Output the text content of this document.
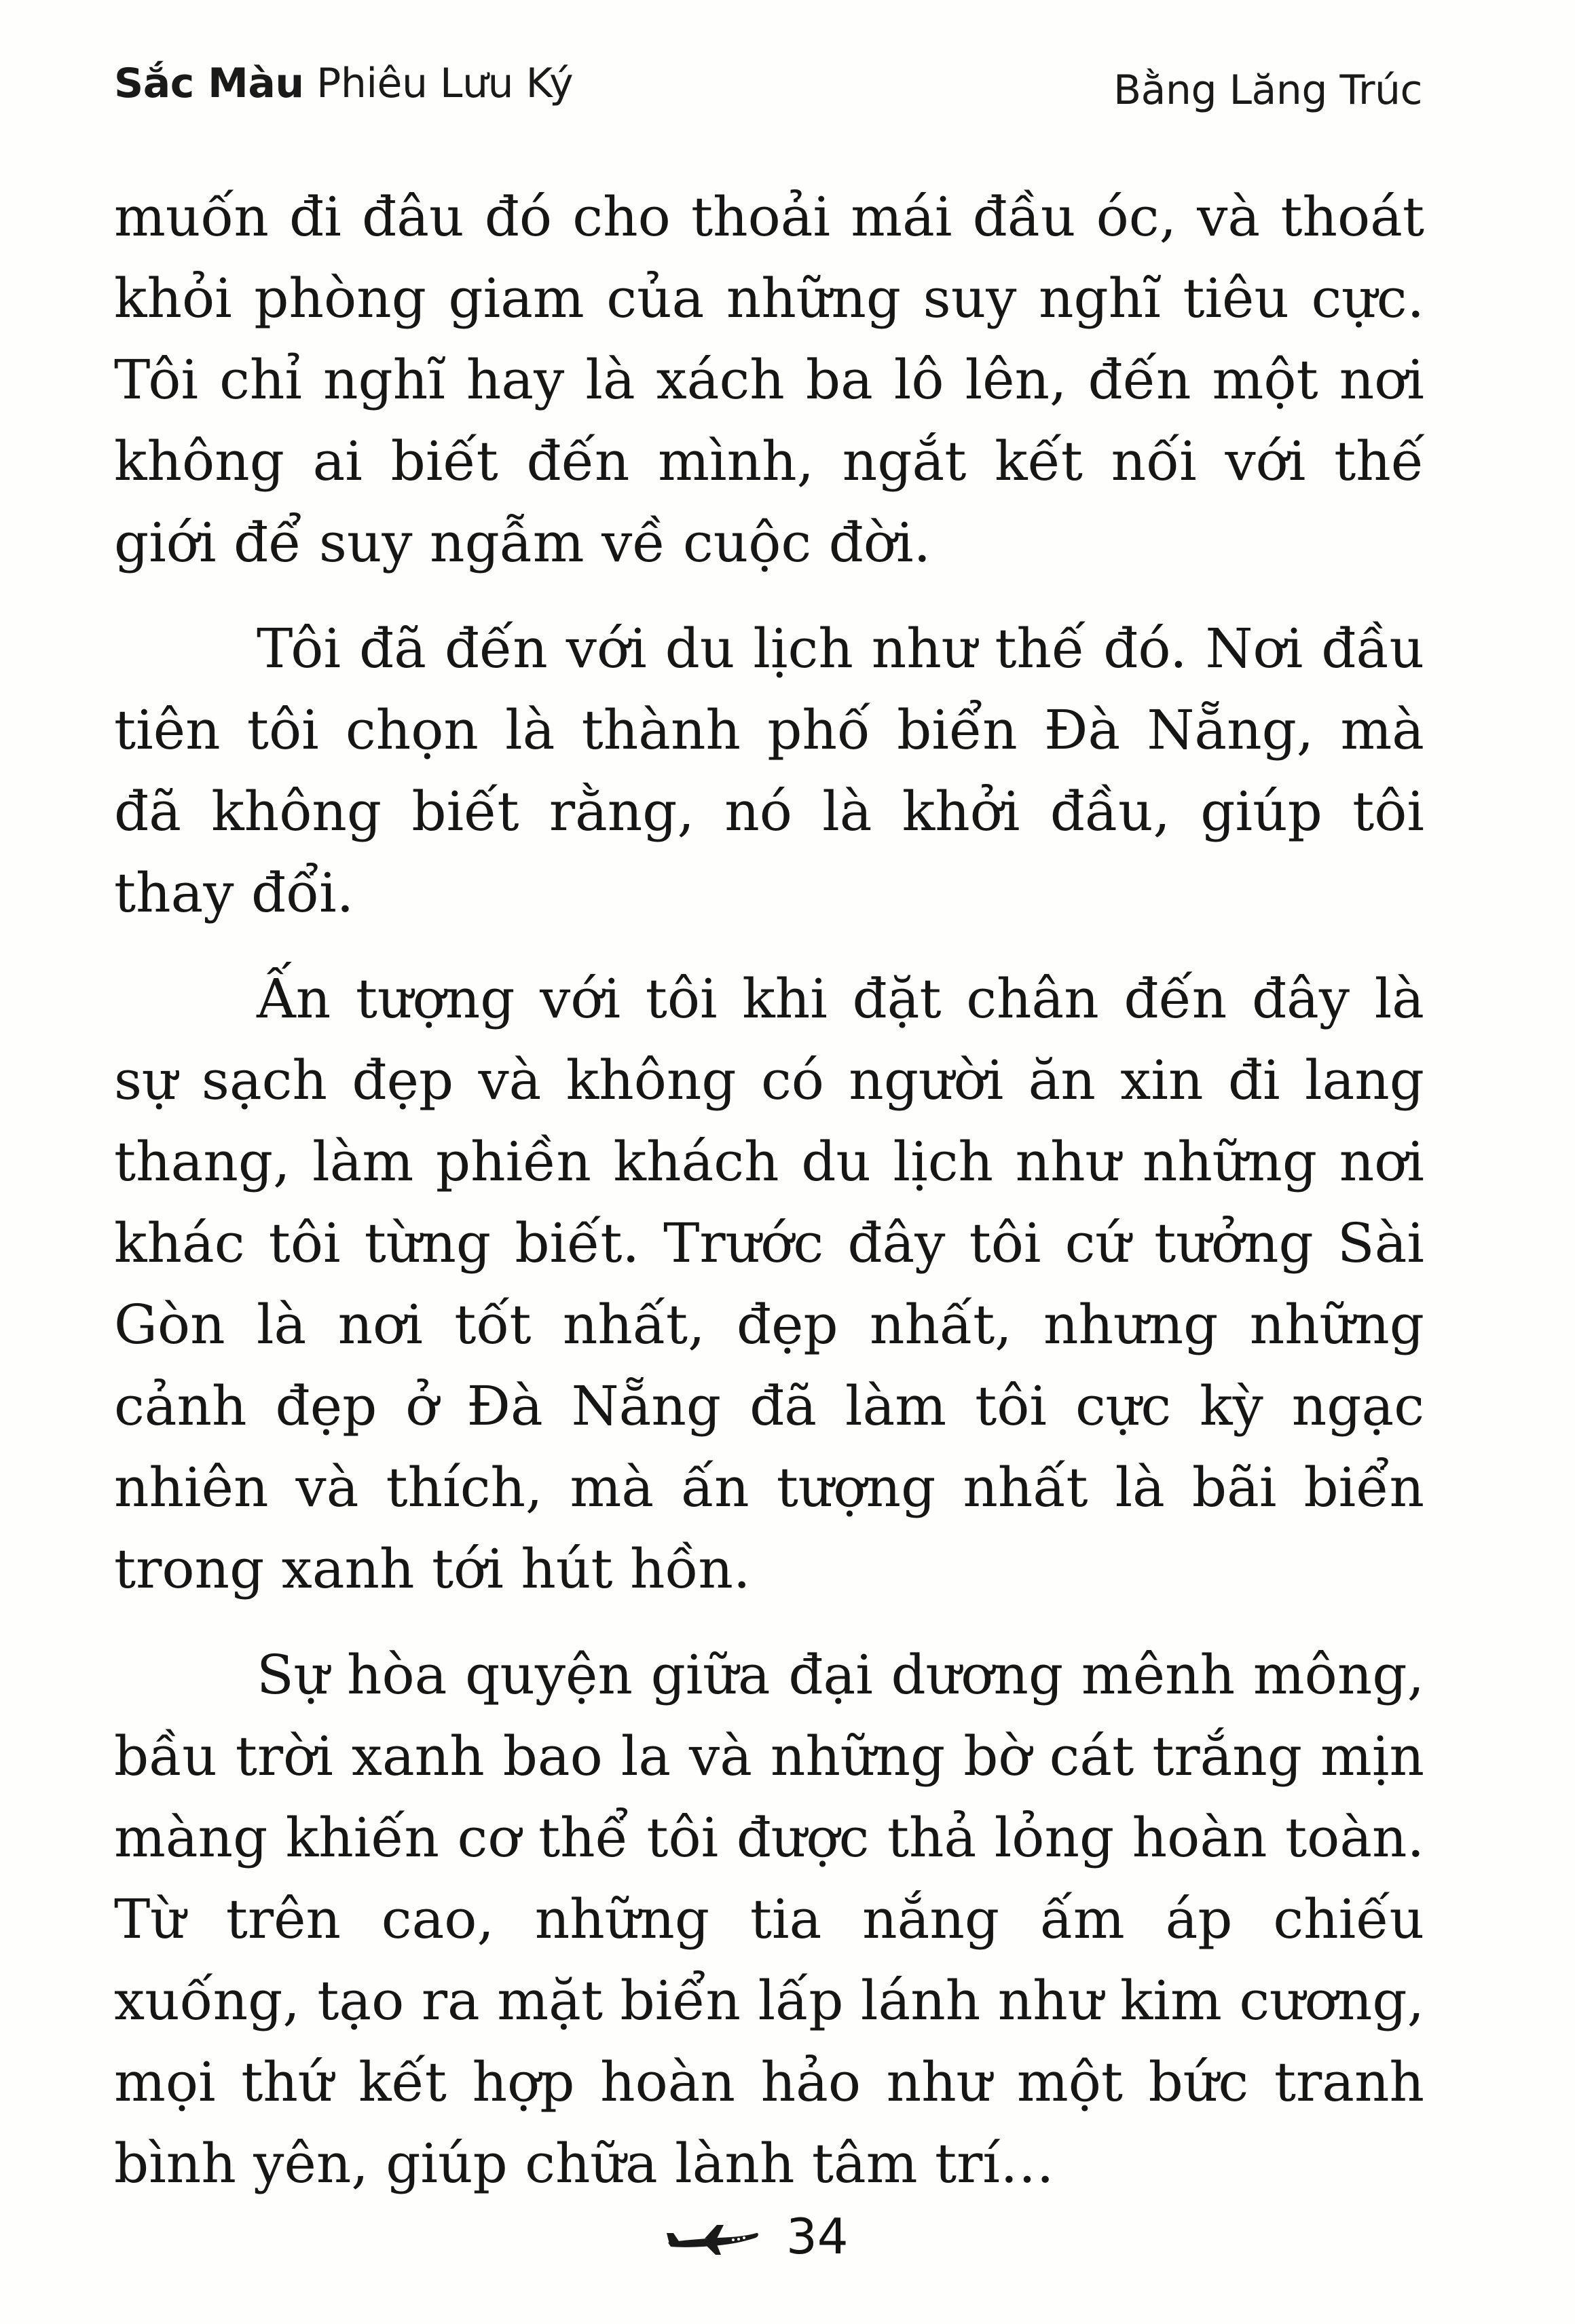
Sắc Màu Phiêu Lưu Ký	Bằng Lăng Trúc

muốn đi đâu đó cho thoải mái đầu óc, và thoát khỏi phòng giam của những suy nghĩ tiêu cực. Tôi chỉ nghĩ hay là xách ba lô lên, đến một nơi không ai biết đến mình, ngắt kết nối với thế giới để suy ngẫm về cuộc đời.

Tôi đã đến với du lịch như thế đó. Nơi đầu tiên tôi chọn là thành phố biển Đà Nẵng, mà đã không biết rằng, nó là khởi đầu, giúp tôi thay đổi.

Ấn tượng với tôi khi đặt chân đến đây là sự sạch đẹp và không có người ăn xin đi lang thang, làm phiền khách du lịch như những nơi khác tôi từng biết. Trước đây tôi cứ tưởng Sài Gòn là nơi tốt nhất, đẹp nhất, nhưng những cảnh đẹp ở Đà Nẵng đã làm tôi cực kỳ ngạc nhiên và thích, mà ấn tượng nhất là bãi biển trong xanh tới hút hồn.

Sự hòa quyện giữa đại dương mênh mông, bầu trời xanh bao la và những bờ cát trắng mịn màng khiến cơ thể tôi được thả lỏng hoàn toàn. Từ trên cao, những tia nắng ấm áp chiếu xuống, tạo ra mặt biển lấp lánh như kim cương, mọi thứ kết hợp hoàn hảo như một bức tranh bình yên, giúp chữa lành tâm trí…

34
